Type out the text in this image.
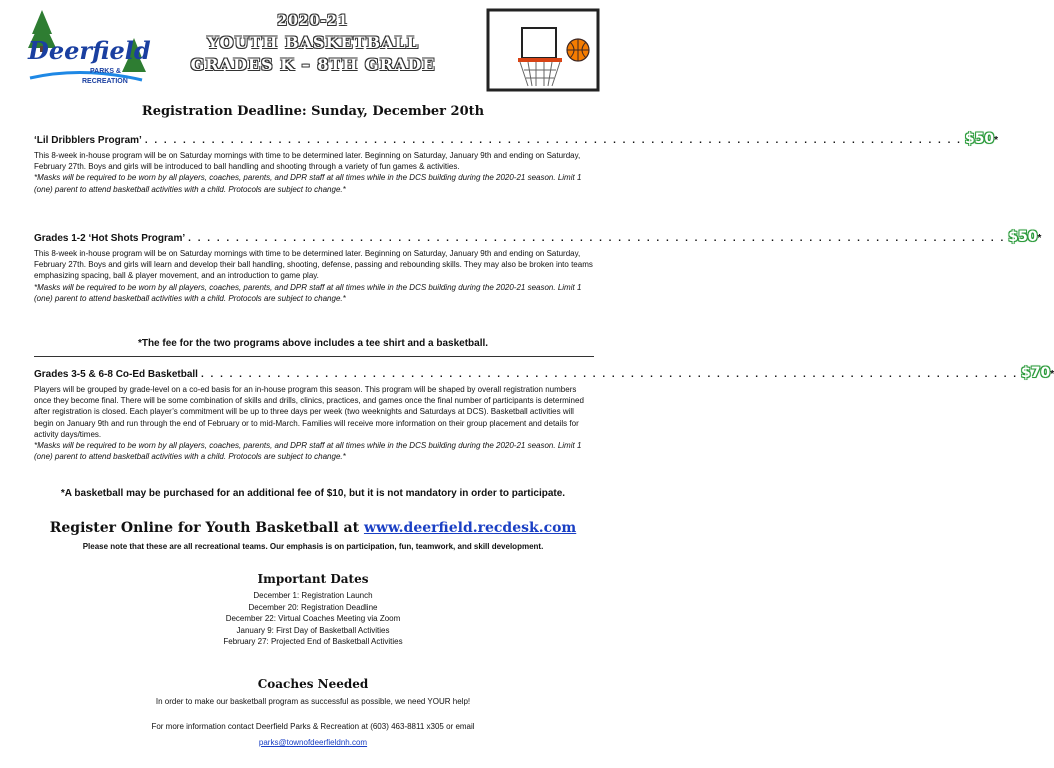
Deerfield
PARKS &
RECREATION
2020-21
YOUTH BASKETBALL
GRADES K – 8TH GRADE
Registration Deadline: Sunday, December 20th
‘Lil Dribblers Program’ . . . . . . . . . . . . . . . . . . . . . . . . . . . . . . . . . . . . . . . . . . . . . . . . . . . . . . . . . . . . . . . . . . . . . . . . . . . . . . . . . . . . . . $50 *

This 8-week in-house program will be on Saturday mornings with time to be determined later. Beginning on Saturday, January 9th and ending on Saturday, February 27th. Boys and girls will be introduced to ball handling and shooting through a variety of fun games & activities.

*Masks will be required to be worn by all players, coaches, parents, and DPR staff at all times while in the DCS building during the 2020-21 season. Limit 1 (one) parent to attend basketball activities with a child. Protocols are subject to change.*

Grades 1-2 ‘Hot Shots Program’ . . . . . . . . . . . . . . . . . . . . . . . . . . . . . . . . . . . . . . . . . . . . . . . . . . . . . . . . . . . . . . . . . . . . . . . . . . . . . . . . . . . . . . $50 *

This 8-week in-house program will be on Saturday mornings with time to be determined later. Beginning on Saturday, January 9th and ending on Saturday, February 27th. Boys and girls will learn and develop their ball handling, shooting, defense, passing and rebounding skills. They may also be broken into teams emphasizing spacing, ball & player movement, and an introduction to game play.

*Masks will be required to be worn by all players, coaches, parents, and DPR staff at all times while in the DCS building during the 2020-21 season. Limit 1 (one) parent to attend basketball activities with a child. Protocols are subject to change.*

*The fee for the two programs above includes a tee shirt and a basketball.
Grades 3-5 & 6-8 Co-Ed Basketball . . . . . . . . . . . . . . . . . . . . . . . . . . . . . . . . . . . . . . . . . . . . . . . . . . . . . . . . . . . . . . . . . . . . . . . . . . . . . . . . . . . . . . $70 *

Players will be grouped by grade-level on a co-ed basis for an in-house program this season. This program will be shaped by overall registration numbers once they become final. There will be some combination of skills and drills, clinics, practices, and games once the final number of participants is determined after registration is closed. Each player’s commitment will be up to three days per week (two weeknights and Saturdays at DCS). Basketball activities will begin on January 9th and run through the end of February or to mid-March. Families will receive more information on their group placement and details for activity days/times.

*Masks will be required to be worn by all players, coaches, parents, and DPR staff at all times while in the DCS building during the 2020-21 season. Limit 1 (one) parent to attend basketball activities with a child. Protocols are subject to change.*

*A basketball may be purchased for an additional fee of $10, but it is not mandatory in order to participate.
Register Online for Youth Basketball at www.deerfield.recdesk.com
Please note that these are all recreational teams. Our emphasis is on participation, fun, teamwork, and skill development.
Important Dates
December 1: Registration Launch
December 20: Registration Deadline
December 22: Virtual Coaches Meeting via Zoom
January 9: First Day of Basketball Activities
February 27: Projected End of Basketball Activities
Coaches Needed
In order to make our basketball program as successful as possible, we need YOUR help!
For more information contact Deerfield Parks & Recreation at (603) 463-8811 x305 or email
parks@townofdeerfieldnh.com
